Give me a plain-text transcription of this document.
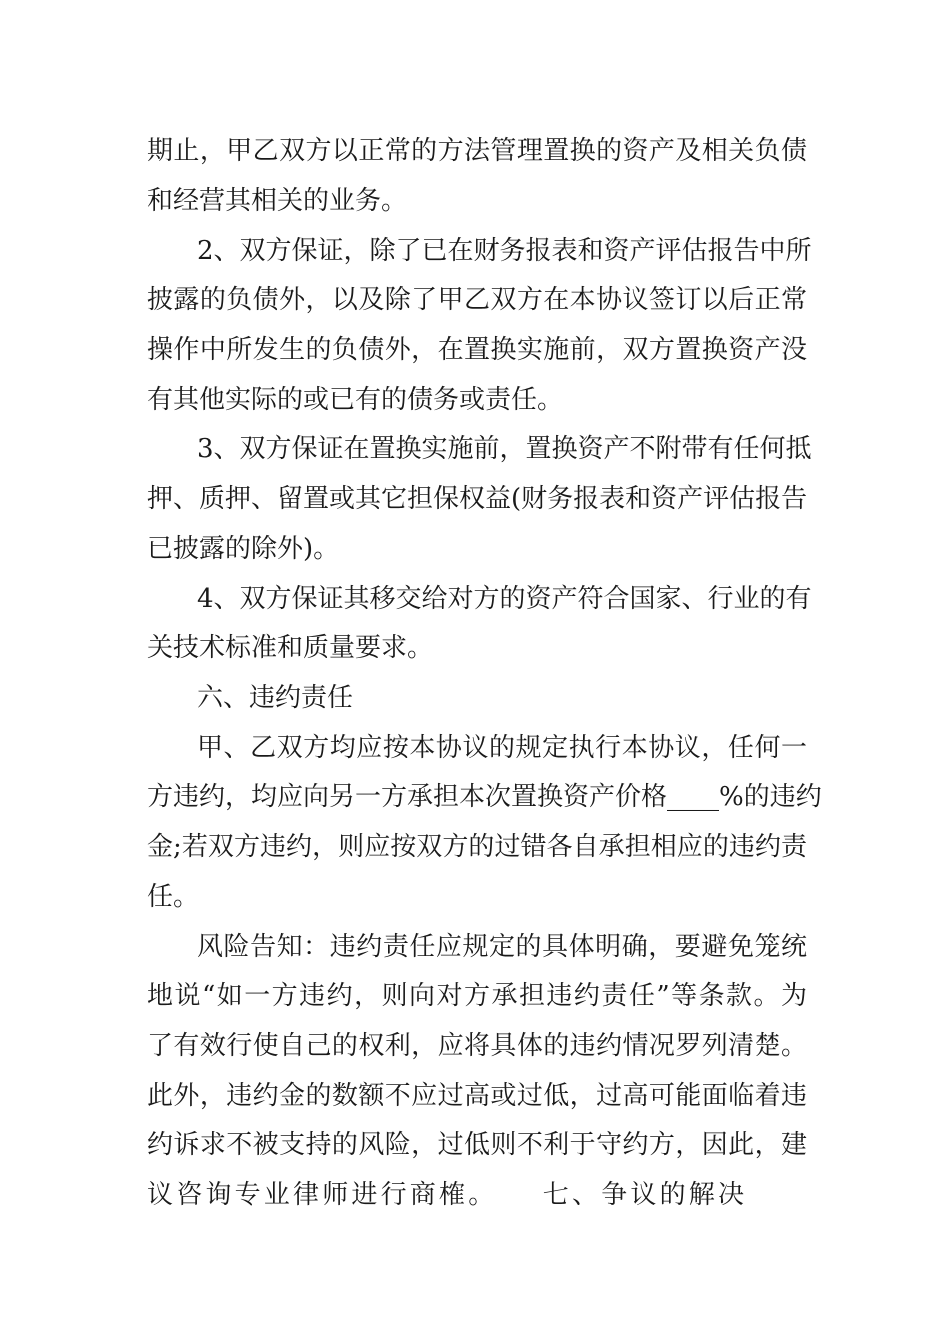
期止，甲乙双方以正常的方法管理置换的资产及相关负债
和经营其相关的业务。
2、双方保证，除了已在财务报表和资产评估报告中所
披露的负债外，以及除了甲乙双方在本协议签订以后正常
操作中所发生的负债外，在置换实施前，双方置换资产没
有其他实际的或已有的债务或责任。
3、双方保证在置换实施前，置换资产不附带有任何抵
押、质押、留置或其它担保权益(财务报表和资产评估报告
已披露的除外)。
4、双方保证其移交给对方的资产符合国家、行业的有
关技术标准和质量要求。
六、违约责任
甲、乙双方均应按本协议的规定执行本协议，任何一
方违约，均应向另一方承担本次置换资产价格____%的违约
金;若双方违约，则应按双方的过错各自承担相应的违约责
任。
风险告知：违约责任应规定的具体明确，要避免笼统
地说“如一方违约，则向对方承担违约责任”等条款。为
了有效行使自己的权利，应将具体的违约情况罗列清楚。
此外，违约金的数额不应过高或过低，过高可能面临着违
约诉求不被支持的风险，过低则不利于守约方，因此，建
议咨询专业律师进行商榷。　　七、争议的解决
